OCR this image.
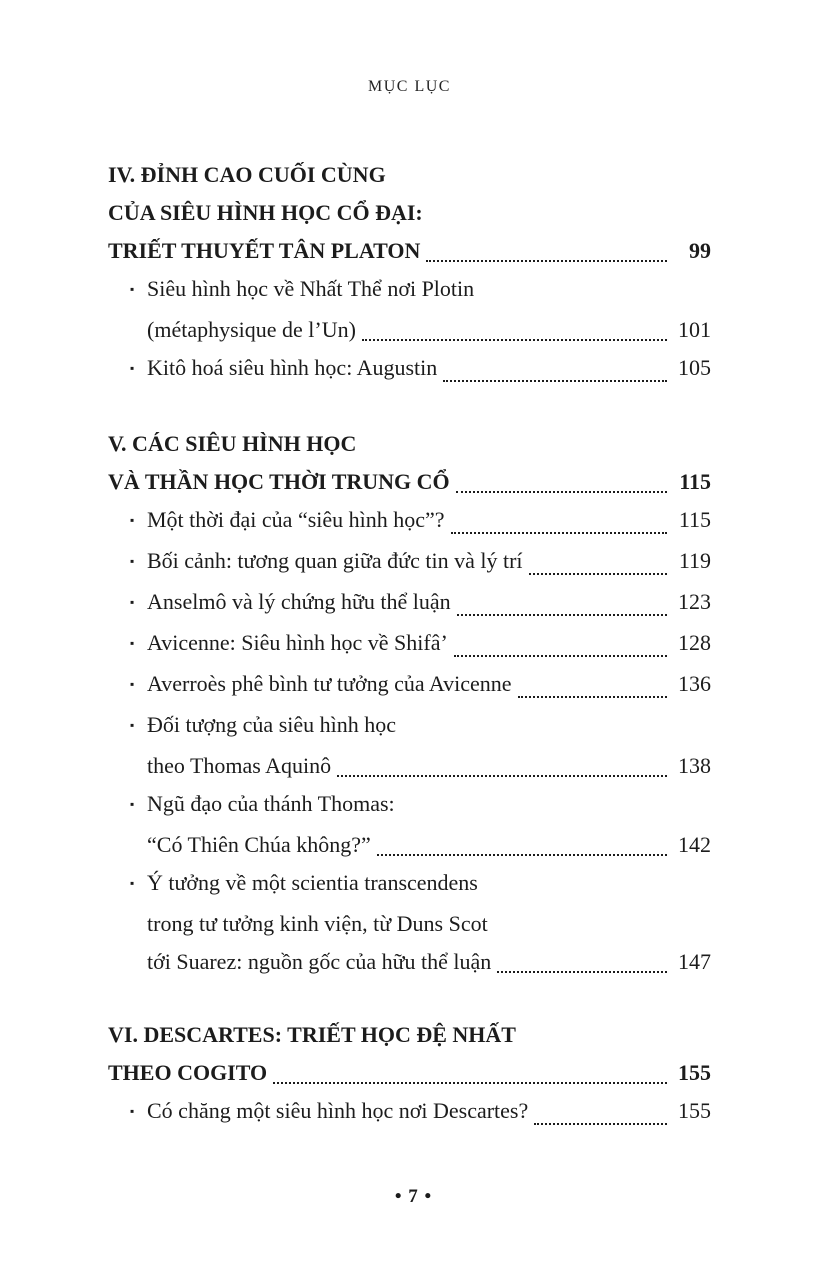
MỤC LỤC
IV. ĐỈNH CAO CUỐI CÙNG
CỦA SIÊU HÌNH HỌC CỔ ĐẠI:
TRIẾT THUYẾT TÂN PLATON	99
▪ Siêu hình học về Nhất Thể nơi Plotin
(métaphysique de l’Un)	101
▪ Kitô hoá siêu hình học: Augustin	105
V. CÁC SIÊU HÌNH HỌC
VÀ THẦN HỌC THỜI TRUNG CỔ	115
▪ Một thời đại của “siêu hình học”?	115
▪ Bối cảnh: tương quan giữa đức tin và lý trí	119
▪ Anselmô và lý chứng hữu thể luận	123
▪ Avicenne: Siêu hình học về Shifâ’	128
▪ Averroès phê bình tư tưởng của Avicenne	136
▪ Đối tượng của siêu hình học
theo Thomas Aquinô	138
▪ Ngũ đạo của thánh Thomas:
“Có Thiên Chúa không?”	142
▪ Ý tưởng về một scientia transcendens
trong tư tưởng kinh viện, từ Duns Scot
tới Suarez: nguồn gốc của hữu thể luận	147
VI. DESCARTES: TRIẾT HỌC ĐỆ NHẤT
THEO COGITO	155
▪ Có chăng một siêu hình học nơi Descartes?	155
• 7 •
